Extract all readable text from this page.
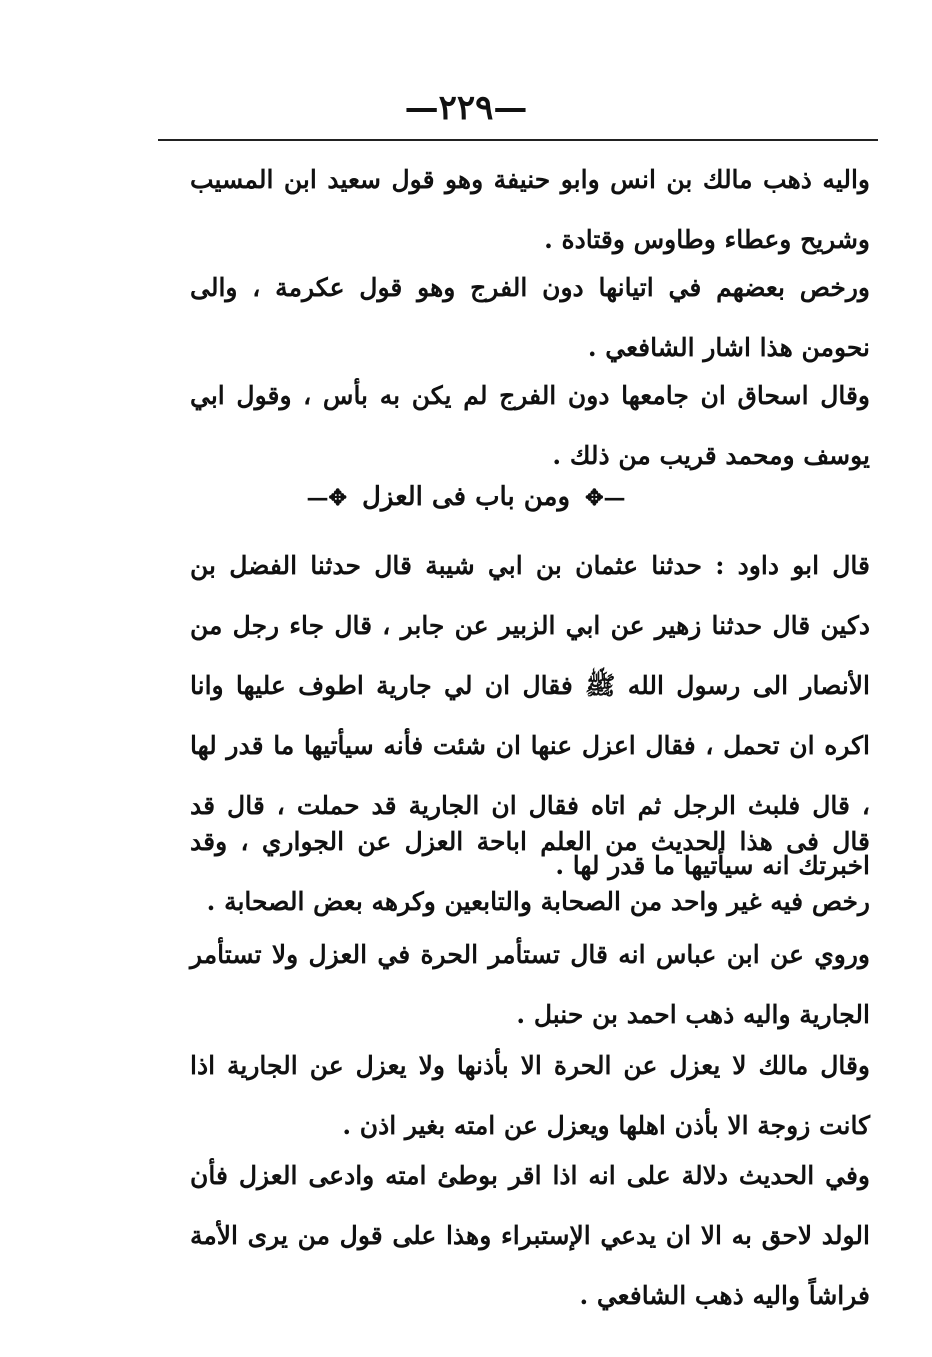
—٢٢٩—
واليه ذهب مالك بن انس وابو حنيفة وهو قول سعيد ابن المسيب وشريح وعطاء وطاوس وقتادة .
ورخص بعضهم في اتيانها دون الفرج وهو قول عكرمة ، والى نحومن هذا اشار الشافعي .
وقال اسحاق ان جامعها دون الفرج لم يكن به بأس ، وقول ابي يوسف ومحمد قريب من ذلك .
—✥ ومن باب فى العزل ✥—
قال ابو داود : حدثنا عثمان بن ابي شيبة قال حدثنا الفضل بن دكين قال حدثنا زهير عن ابي الزبير عن جابر ، قال جاء رجل من الأنصار الى رسول الله ﷺ فقال ان لي جارية اطوف عليها وانا اكره ان تحمل ، فقال اعزل عنها ان شئت فأنه سيأتيها ما قدر لها ، قال فلبث الرجل ثم اتاه فقال ان الجارية قد حملت ، قال قد اخبرتك انه سيأتيها ما قدر لها .
قال فى هذا الحديث من العلم اباحة العزل عن الجواري ، وقد رخص فيه غير واحد من الصحابة والتابعين وكرهه بعض الصحابة .
وروي عن ابن عباس انه قال تستأمر الحرة في العزل ولا تستأمر الجارية واليه ذهب احمد بن حنبل .
وقال مالك لا يعزل عن الحرة الا بأذنها ولا يعزل عن الجارية اذا كانت زوجة الا بأذن اهلها ويعزل عن امته بغير اذن .
وفي الحديث دلالة على انه اذا اقر بوطئ امته وادعى العزل فأن الولد لاحق به الا ان يدعي الإستبراء وهذا على قول من يرى الأمة فراشاً واليه ذهب الشافعي .
